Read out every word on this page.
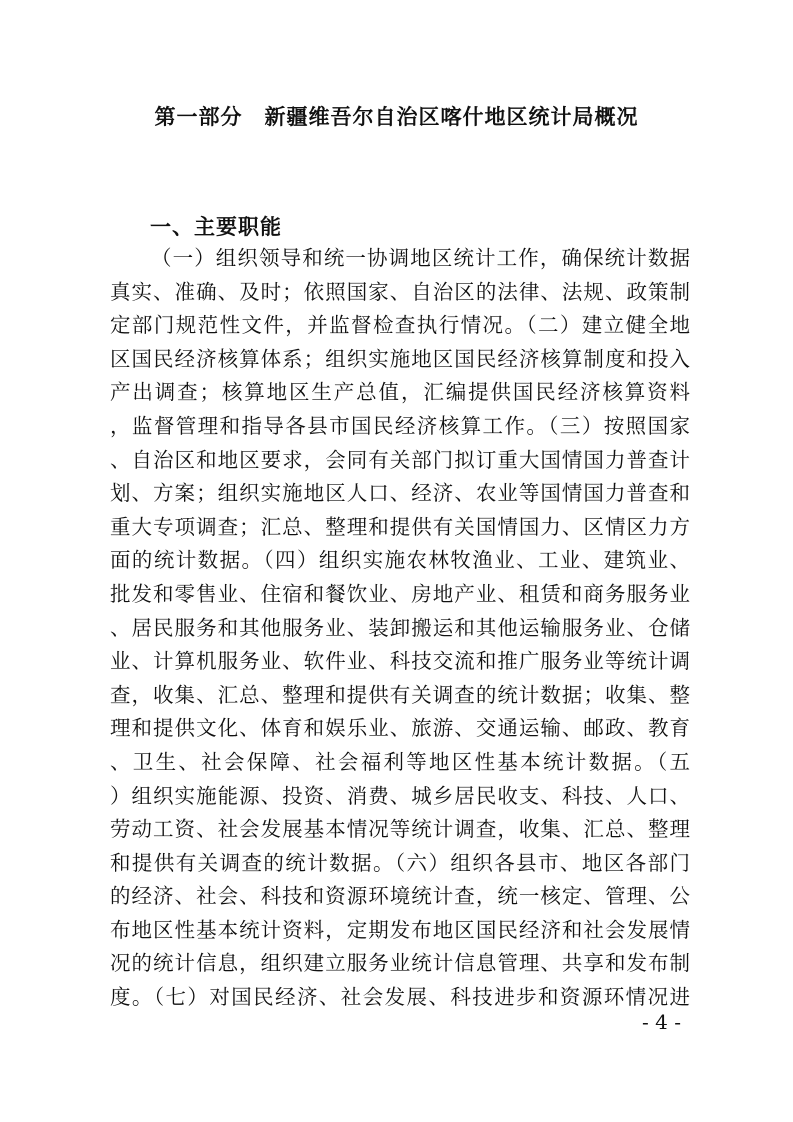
第一部分　新疆维吾尔自治区喀什地区统计局概况
一、主要职能
（一）组织领导和统一协调地区统计工作，确保统计数据
真实、准确、及时；依照国家、自治区的法律、法规、政策制
定部门规范性文件，并监督检查执行情况。（二）建立健全地
区国民经济核算体系；组织实施地区国民经济核算制度和投入
产出调查；核算地区生产总值，汇编提供国民经济核算资料
，监督管理和指导各县市国民经济核算工作。（三）按照国家
、自治区和地区要求，会同有关部门拟订重大国情国力普查计
划、方案；组织实施地区人口、经济、农业等国情国力普查和
重大专项调查；汇总、整理和提供有关国情国力、区情区力方
面的统计数据。（四）组织实施农林牧渔业、工业、建筑业、
批发和零售业、住宿和餐饮业、房地产业、租赁和商务服务业
、居民服务和其他服务业、装卸搬运和其他运输服务业、仓储
业、计算机服务业、软件业、科技交流和推广服务业等统计调
查，收集、汇总、整理和提供有关调查的统计数据；收集、整
理和提供文化、体育和娱乐业、旅游、交通运输、邮政、教育
、卫生、社会保障、社会福利等地区性基本统计数据。（五
）组织实施能源、投资、消费、城乡居民收支、科技、人口、
劳动工资、社会发展基本情况等统计调查，收集、汇总、整理
和提供有关调查的统计数据。（六）组织各县市、地区各部门
的经济、社会、科技和资源环境统计查，统一核定、管理、公
布地区性基本统计资料，定期发布地区国民经济和社会发展情
况的统计信息，组织建立服务业统计信息管理、共享和发布制
度。（七）对国民经济、社会发展、科技进步和资源环情况进
- 4 -
